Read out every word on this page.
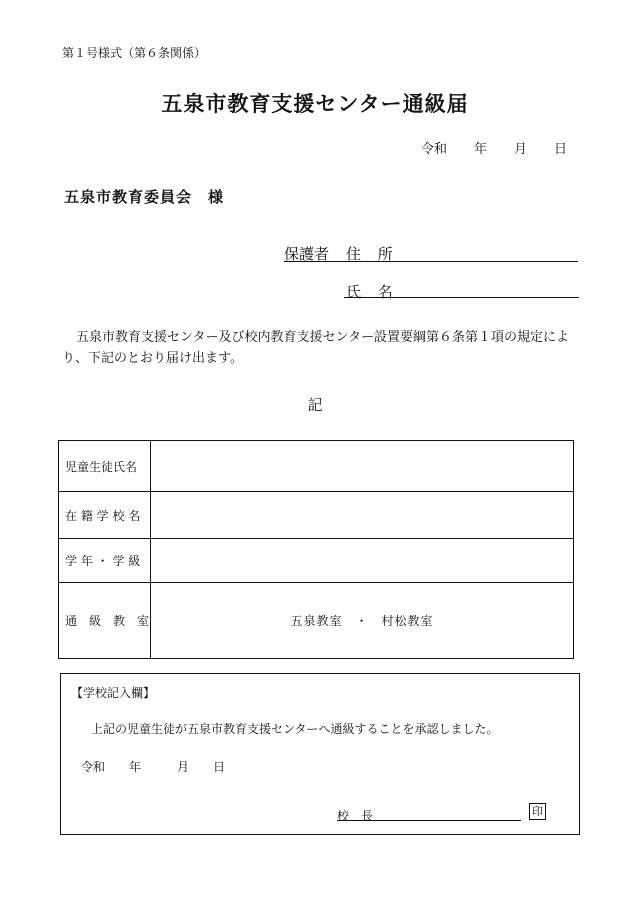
第１号様式（第６条関係）
五泉市教育支援センター通級届
令和 年 月 日
五泉市教育委員会　様
保護者 住 所
氏 名
五泉市教育支援センター及び校内教育支援センター設置要綱第６条第１項の規定により、下記のとおり届け出ます。
記
児童生徒氏名	
在 籍 学 校 名	
学 年 ・ 学 級	
通　級　教　室	五泉教室　・　村松教室
【学校記入欄】
上記の児童生徒が五泉市教育支援センターへ通級することを承認しました。
令和　　年　　　月　　日
校　長	印
